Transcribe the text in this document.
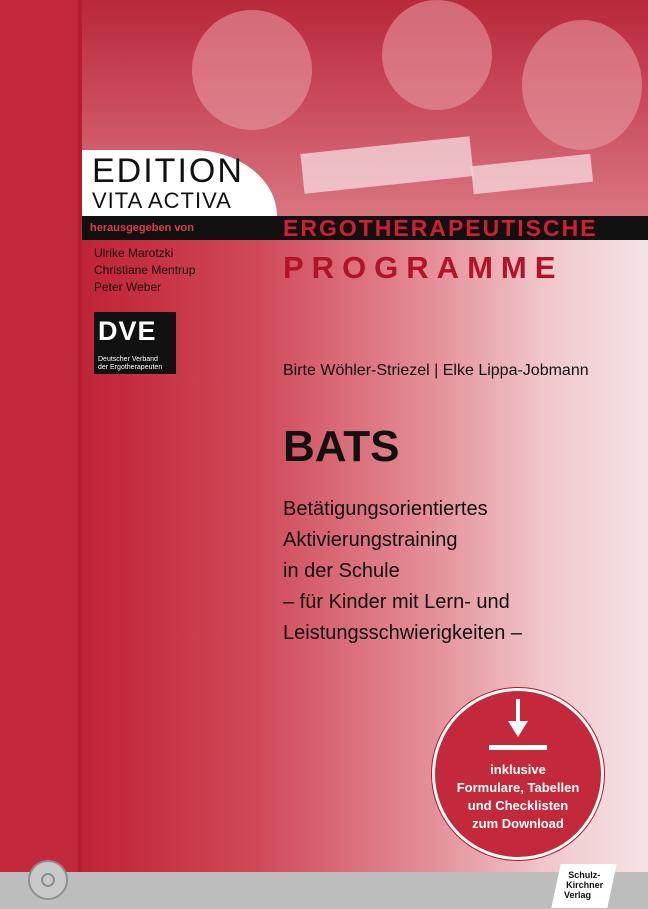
EDITION
VITA ACTIVA
herausgegeben von	ERGOTHERAPEUTISCHE
PROGRAMME
Ulrike Marotzki
Christiane Mentrup
Peter Weber
DVE
Deutscher Verband
der Ergotherapeuten	Birte Wöhler-Striezel | Elke Lippa-Jobmann
BATS
Betätigungsorientiertes
Aktivierungstraining
in der Schule
– für Kinder mit Lern- und
Leistungsschwierigkeiten –
inklusive
Formulare, Tabellen
und Checklisten
zum Download
Schulz-
Kirchner
Verlag
